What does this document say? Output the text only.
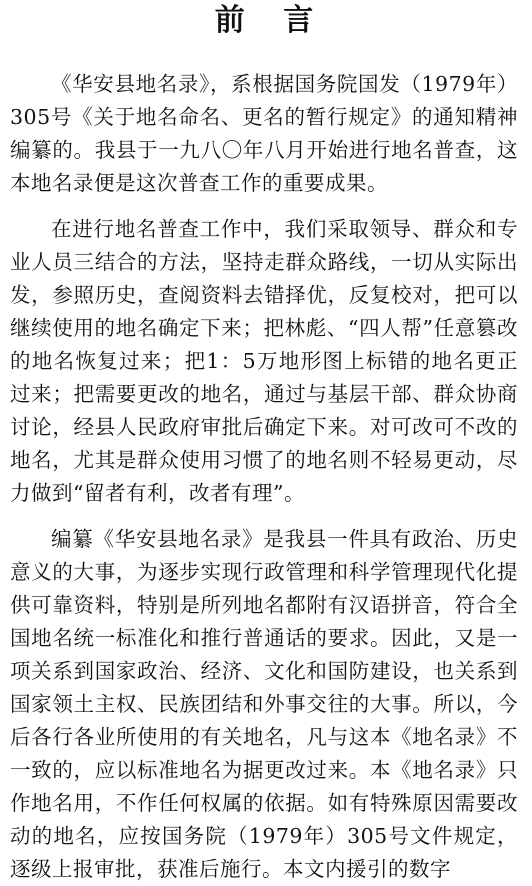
前 言

《华安县地名录》，系根据国务院国发（1979年）305号《关于地名命名、更名的暂行规定》的通知精神编纂的。我县于一九八〇年八月开始进行地名普查，这本地名录便是这次普查工作的重要成果。

在进行地名普查工作中，我们采取领导、群众和专业人员三结合的方法，坚持走群众路线，一切从实际出发，参照历史，查阅资料去错择优，反复校对，把可以继续使用的地名确定下来；把林彪、“四人帮”任意篡改的地名恢复过来；把1：5万地形图上标错的地名更正过来；把需要更改的地名，通过与基层干部、群众协商讨论，经县人民政府审批后确定下来。对可改可不改的地名，尤其是群众使用习惯了的地名则不轻易更动，尽力做到“留者有利，改者有理”。

编纂《华安县地名录》是我县一件具有政治、历史意义的大事，为逐步实现行政管理和科学管理现代化提供可靠资料，特别是所列地名都附有汉语拼音，符合全国地名统一标准化和推行普通话的要求。因此，又是一项关系到国家政治、经济、文化和国防建设，也关系到国家领土主权、民族团结和外事交往的大事。所以，今后各行各业所使用的有关地名，凡与这本《地名录》不一致的，应以标准地名为据更改过来。本《地名录》只作地名用，不作任何权属的依据。如有特殊原因需要改动的地名，应按国务院（1979年）305号文件规定，逐级上报审批，获准后施行。本文内援引的数字
